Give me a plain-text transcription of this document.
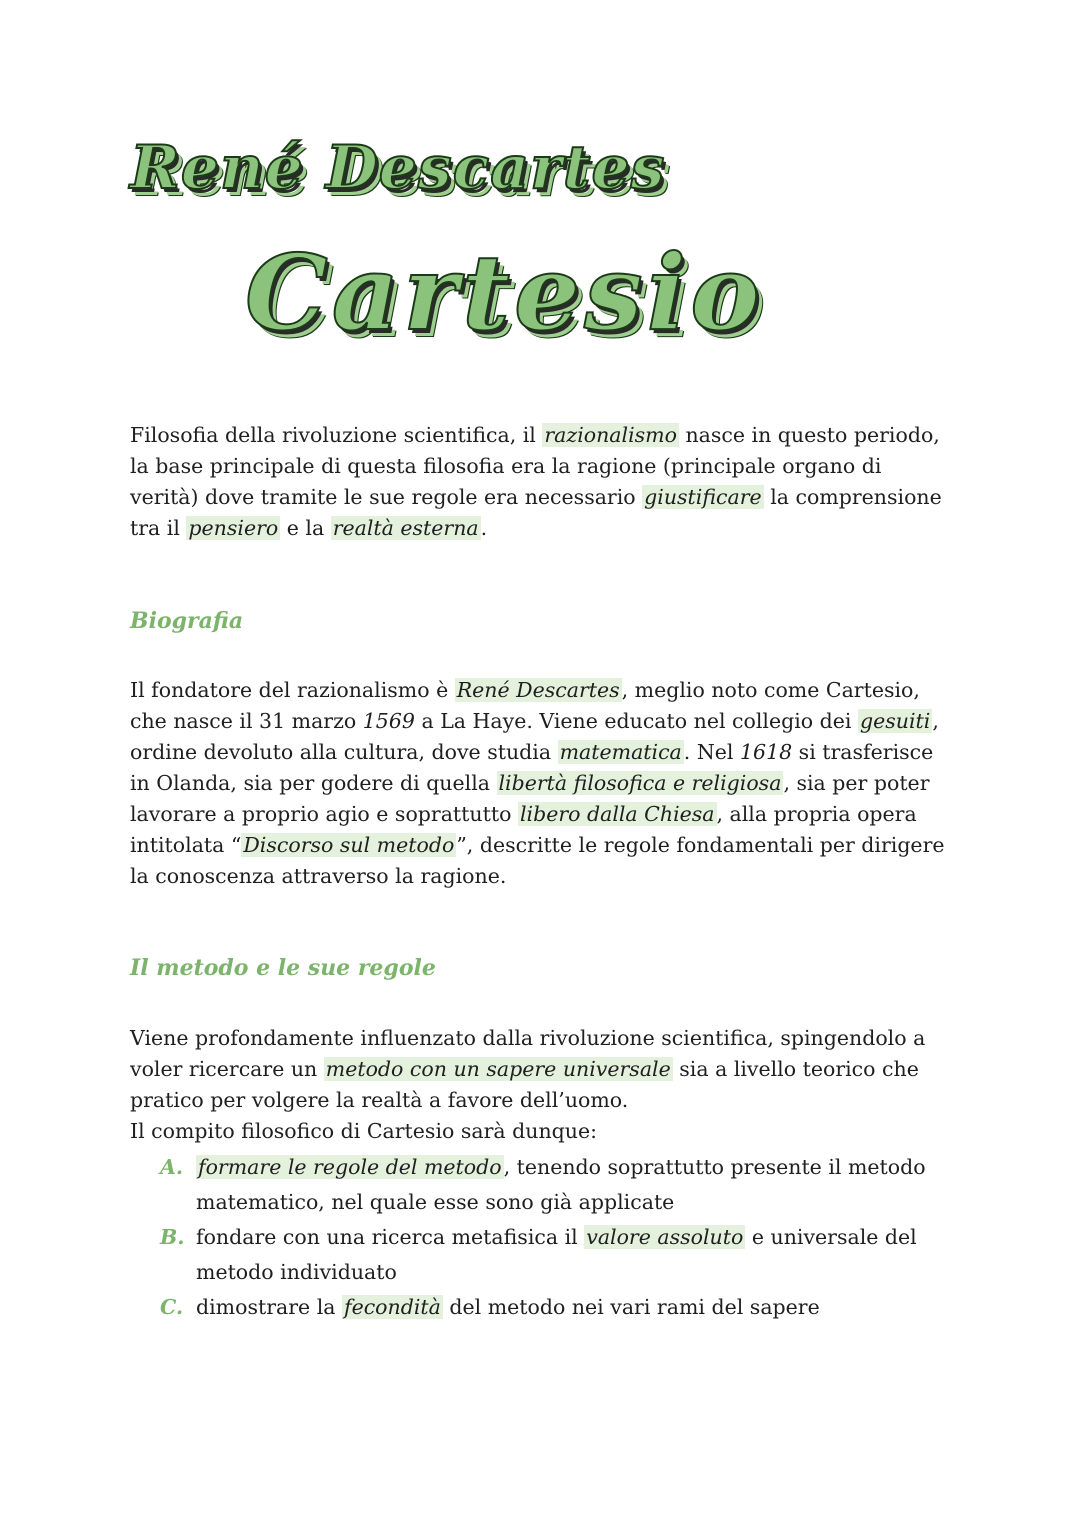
René Descartes
Cartesio

Filosofia della rivoluzione scientifica, il razionalismo nasce in questo periodo, la base principale di questa filosofia era la ragione (principale organo di verità) dove tramite le sue regole era necessario giustificare la comprensione tra il pensiero e la realtà esterna.

Biografia

Il fondatore del razionalismo è René Descartes, meglio noto come Cartesio, che nasce il 31 marzo 1569 a La Haye. Viene educato nel collegio dei gesuiti, ordine devoluto alla cultura, dove studia matematica. Nel 1618 si trasferisce in Olanda, sia per godere di quella libertà filosofica e religiosa, sia per poter lavorare a proprio agio e soprattutto libero dalla Chiesa, alla propria opera intitolata “Discorso sul metodo”, descritte le regole fondamentali per dirigere la conoscenza attraverso la ragione.

Il metodo e le sue regole

Viene profondamente influenzato dalla rivoluzione scientifica, spingendolo a voler ricercare un metodo con un sapere universale sia a livello teorico che pratico per volgere la realtà a favore dell’uomo.
Il compito filosofico di Cartesio sarà dunque:

A. formare le regole del metodo, tenendo soprattutto presente il metodo matematico, nel quale esse sono già applicate
B. fondare con una ricerca metafisica il valore assoluto e universale del metodo individuato
C. dimostrare la fecondità del metodo nei vari rami del sapere
